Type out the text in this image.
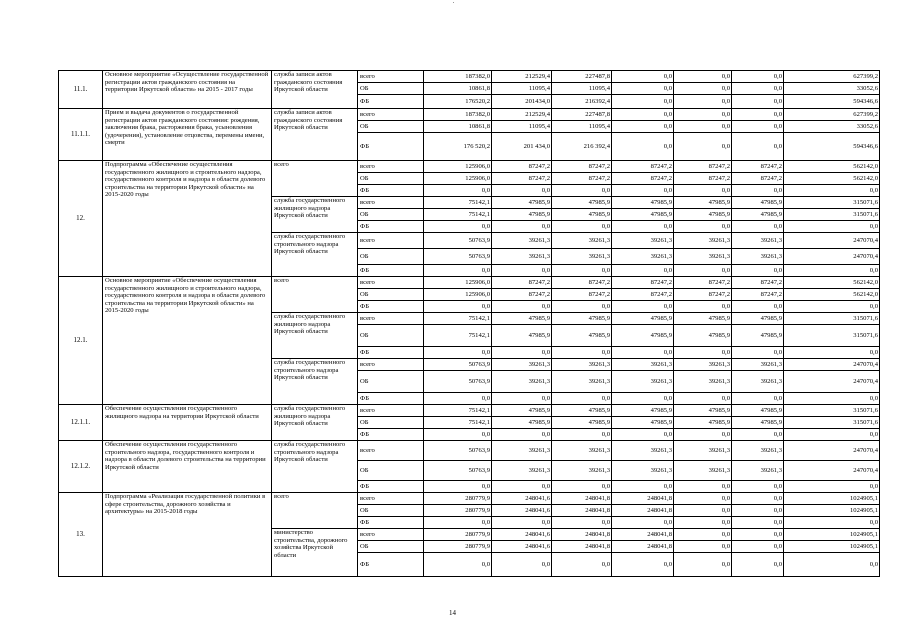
11.1.	Основное мероприятие «Осуществление государственной регистрации актов гражданского состояния на территории Иркутской области» на 2015 - 2017 годы	служба записи актов гражданского состояния Иркутской области	всего	187382,0	212529,4	227487,8	0,0	0,0	0,0	627399,2
			ОБ	10861,8	11095,4	11095,4	0,0	0,0	0,0	33052,6
			ФБ	176520,2	201434,0	216392,4	0,0	0,0	0,0	594346,6
11.1.1.	Прием и выдача документов о государственной регистрации актов гражданского состояния: рождения, заключения брака, расторжения брака, усыновления (удочерения), установление отцовства, перемены имени, смерти	служба записи актов гражданского состояния Иркутской области	всего	187382,0	212529,4	227487,8	0,0	0,0	0,0	627399,2
			ОБ	10861,8	11095,4	11095,4	0,0	0,0	0,0	33052,6
			ФБ	176 520,2	201 434,0	216 392,4	0,0	0,0	0,0	594346,6
12.	Подпрограмма «Обеспечение осуществления государственного жилищного и строительного надзора, государственного контроля и надзора в области долевого строительства на территории Иркутской области» на 2015-2020 годы	всего	всего	125906,0	87247,2	87247,2	87247,2	87247,2	87247,2	562142,0
			ОБ	125906,0	87247,2	87247,2	87247,2	87247,2	87247,2	562142,0
			ФБ	0,0	0,0	0,0	0,0	0,0	0,0	0,0
		служба государственного жилищного надзора Иркутской области	всего	75142,1	47985,9	47985,9	47985,9	47985,9	47985,9	315071,6
			ОБ	75142,1	47985,9	47985,9	47985,9	47985,9	47985,9	315071,6
			ФБ	0,0	0,0	0,0	0,0	0,0	0,0	0,0
		служба государственного строительного надзора Иркутской области	всего	50763,9	39261,3	39261,3	39261,3	39261,3	39261,3	247070,4
			ОБ	50763,9	39261,3	39261,3	39261,3	39261,3	39261,3	247070,4
			ФБ	0,0	0,0	0,0	0,0	0,0	0,0	0,0
12.1.	Основное мероприятие «Обеспечение осуществления государственного жилищного и строительного надзора, государственного контроля и надзора в области долевого строительства на территории Иркутской области» на 2015-2020 годы	всего	всего	125906,0	87247,2	87247,2	87247,2	87247,2	87247,2	562142,0
			ОБ	125906,0	87247,2	87247,2	87247,2	87247,2	87247,2	562142,0
			ФБ	0,0	0,0	0,0	0,0	0,0	0,0	0,0
		служба государственного жилищного надзора Иркутской области	всего	75142,1	47985,9	47985,9	47985,9	47985,9	47985,9	315071,6
			ОБ	75142,1	47985,9	47985,9	47985,9	47985,9	47985,9	315071,6
			ФБ	0,0	0,0	0,0	0,0	0,0	0,0	0,0
		служба государственного строительного надзора Иркутской области	всего	50763,9	39261,3	39261,3	39261,3	39261,3	39261,3	247070,4
			ОБ	50763,9	39261,3	39261,3	39261,3	39261,3	39261,3	247070,4
			ФБ	0,0	0,0	0,0	0,0	0,0	0,0	0,0
12.1.1.	Обеспечение осуществления государственного жилищного надзора на территории Иркутской области	служба государственного жилищного надзора Иркутской области	всего	75142,1	47985,9	47985,9	47985,9	47985,9	47985,9	315071,6
			ОБ	75142,1	47985,9	47985,9	47985,9	47985,9	47985,9	315071,6
			ФБ	0,0	0,0	0,0	0,0	0,0	0,0	0,0
12.1.2.	Обеспечение осуществления государственного строительного надзора, государственного контроля и надзора в области долевого строительства на территории Иркутской области	служба государственного строительного надзора Иркутской области	всего	50763,9	39261,3	39261,3	39261,3	39261,3	39261,3	247070,4
			ОБ	50763,9	39261,3	39261,3	39261,3	39261,3	39261,3	247070,4
			ФБ	0,0	0,0	0,0	0,0	0,0	0,0	0,0
13.	Подпрограмма «Реализация государственной политики в сфере строительства, дорожного хозяйства и архитектуры» на 2015-2018 годы	всего	всего	280779,9	248041,6	248041,8	248041,8	0,0	0,0	1024905,1
			ОБ	280779,9	248041,6	248041,8	248041,8	0,0	0,0	1024905,1
			ФБ	0,0	0,0	0,0	0,0	0,0	0,0	0,0
		министерство строительства, дорожного хозяйства Иркутской области	всего	280779,9	248041,6	248041,8	248041,8	0,0	0,0	1024905,1
			ОБ	280779,9	248041,6	248041,8	248041,8	0,0	0,0	1024905,1
			ФБ	0,0	0,0	0,0	0,0	0,0	0,0	0,0
14
